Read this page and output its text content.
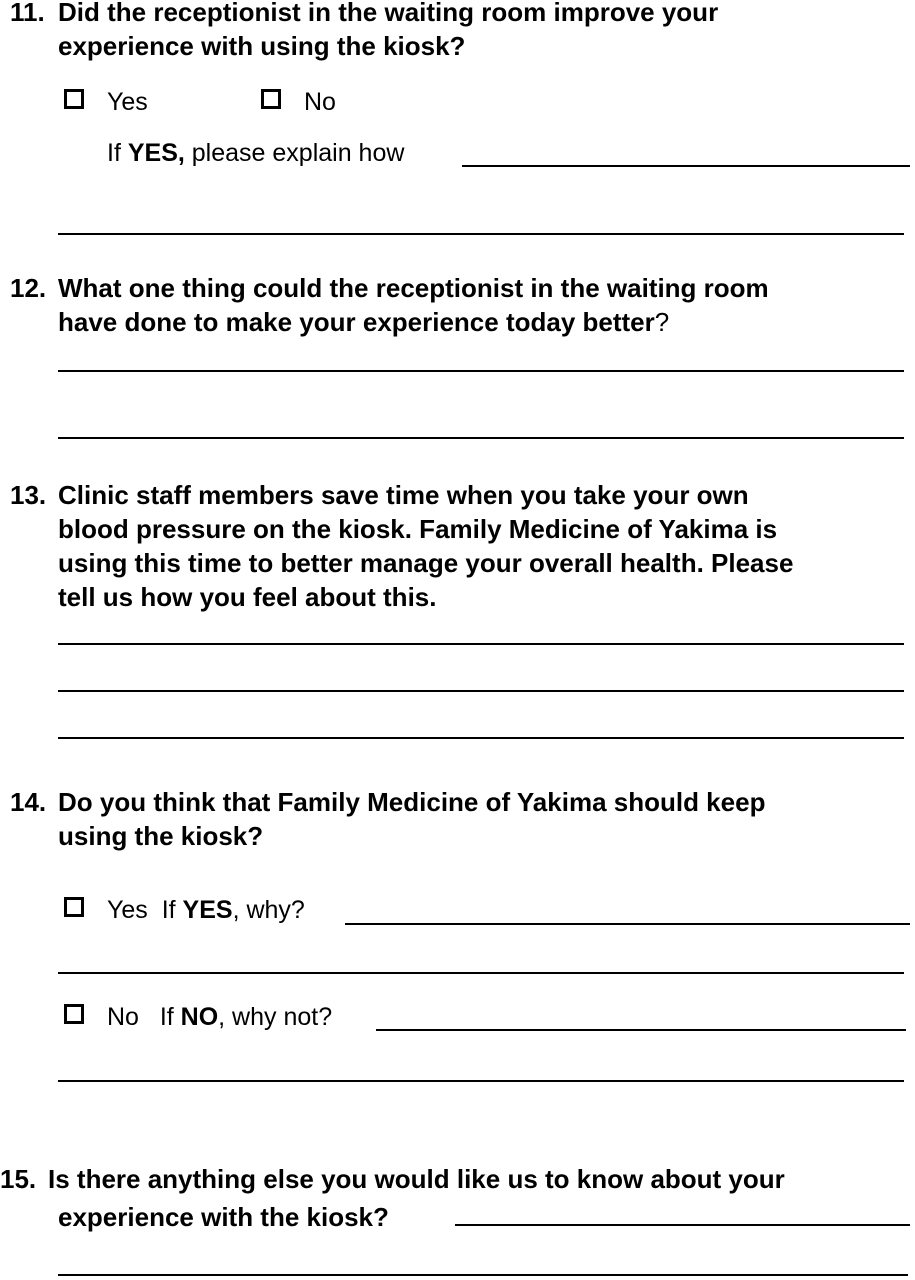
11. Did the receptionist in the waiting room improve your
experience with using the kiosk?
Yes	No
If YES, please explain how
12. What one thing could the receptionist in the waiting room
have done to make your experience today better?
13. Clinic staff members save time when you take your own
blood pressure on the kiosk. Family Medicine of Yakima is
using this time to better manage your overall health. Please
tell us how you feel about this.
14. Do you think that Family Medicine of Yakima should keep
using the kiosk?
Yes If YES, why?
No If NO, why not?
15. Is there anything else you would like us to know about your
experience with the kiosk?
